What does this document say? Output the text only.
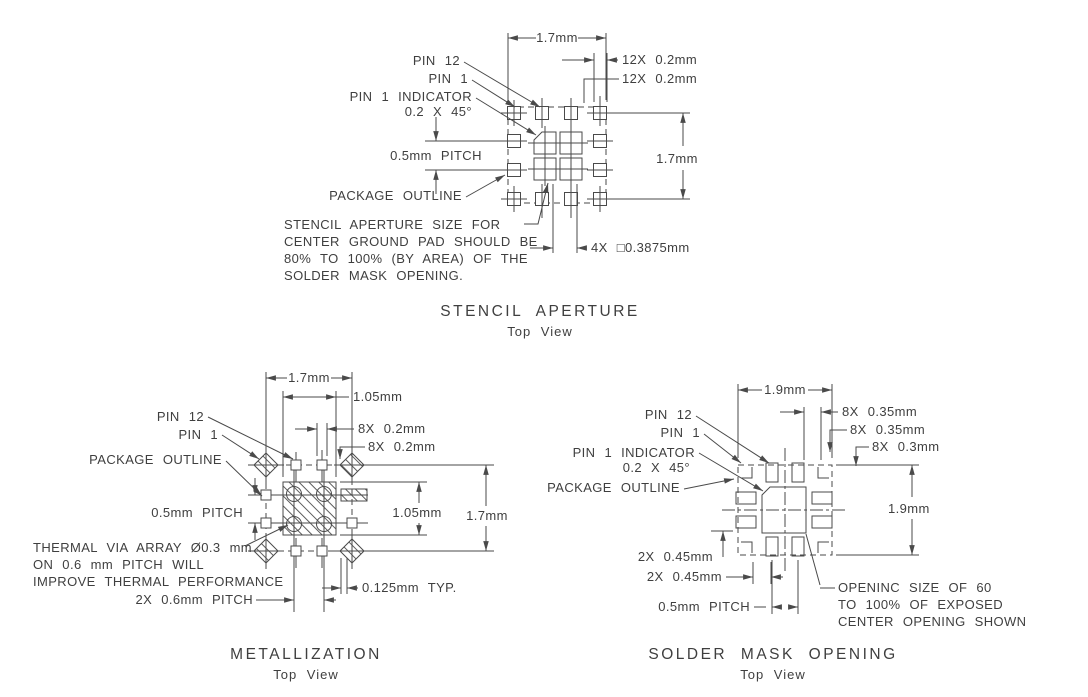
1.7mm
12X 0.2mm
12X 0.2mm
1.7mm
0.5mm PITCH
PIN 12
PIN 1
PIN 1 INDICATOR
0.2 X 45°
PACKAGE OUTLINE
STENCIL APERTURE SIZE FOR
CENTER GROUND PAD SHOULD BE
80% TO 100% (BY AREA) OF THE
SOLDER MASK OPENING.
4X □0.3875mm
STENCIL APERTURE
Top View
1.7mm
1.05mm
8X 0.2mm
8X 0.2mm
1.05mm 1.7mm
PIN 12
PIN 1
PACKAGE OUTLINE
0.5mm PITCH
THERMAL VIA ARRAY Ø0.3 mm
ON 0.6 mm PITCH WILL
IMPROVE THERMAL PERFORMANCE
2X 0.6mm PITCH
0.125mm TYP.
METALLIZATION
Top View
1.9mm
8X 0.35mm
8X 0.35mm
8X 0.3mm
1.9mm
PIN 12
PIN 1
PIN 1 INDICATOR
0.2 X 45°
PACKAGE OUTLINE
2X 0.45mm
2X 0.45mm
0.5mm PITCH
OPENINC SIZE OF 60
TO 100% OF EXPOSED
CENTER OPENING SHOWN
SOLDER MASK OPENING
Top View
